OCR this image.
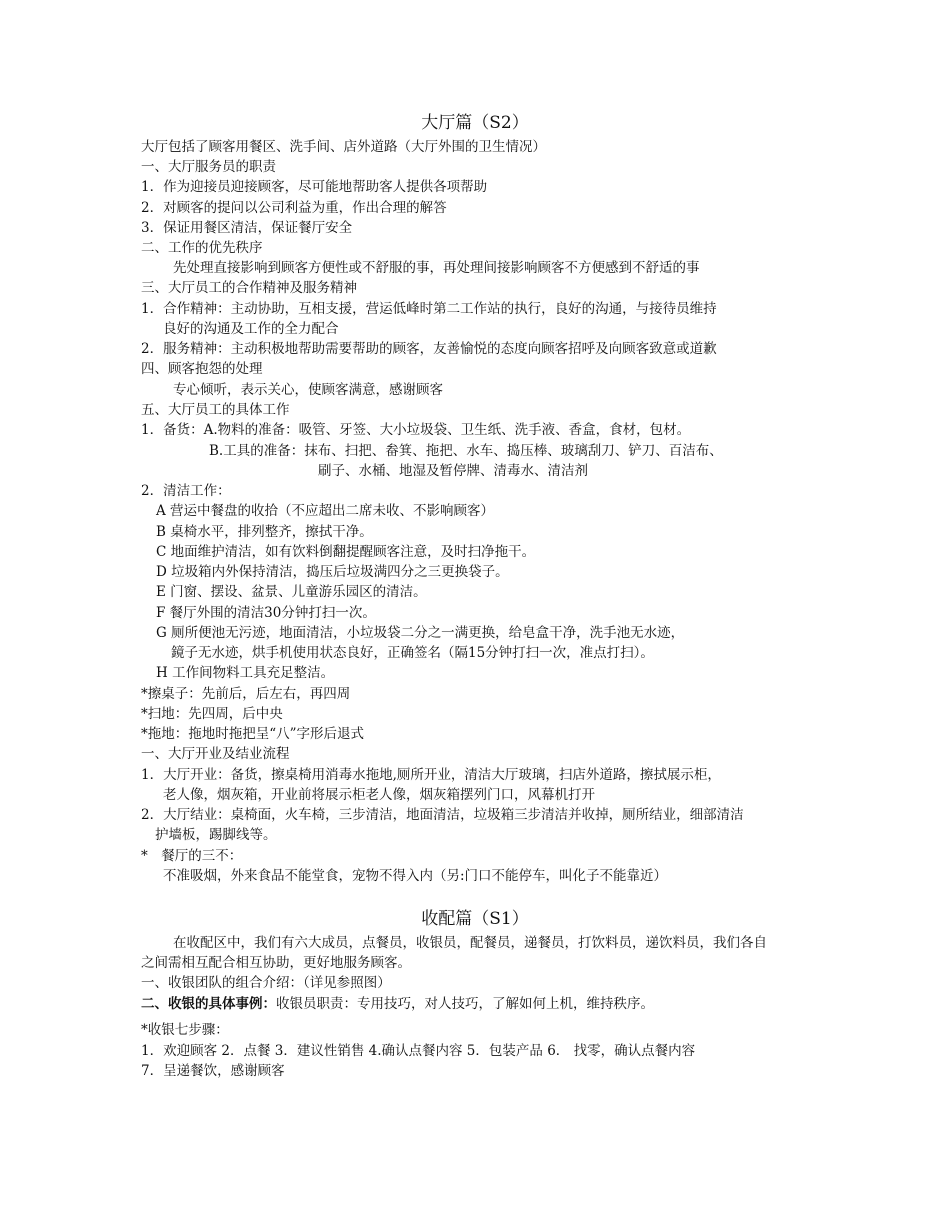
大厅篇（S2）
大厅包括了顾客用餐区、洗手间、店外道路（大厅外围的卫生情况）
一、大厅服务员的职责
1．作为迎接员迎接顾客，尽可能地帮助客人提供各项帮助
2．对顾客的提问以公司利益为重，作出合理的解答
3．保证用餐区清洁，保证餐厅安全
二、工作的优先秩序
先处理直接影响到顾客方便性或不舒服的事，再处理间接影响顾客不方便感到不舒适的事
三、大厅员工的合作精神及服务精神
1．合作精神：主动协助，互相支援，营运低峰时第二工作站的执行，良好的沟通，与接待员维持
良好的沟通及工作的全力配合
2．服务精神：主动积极地帮助需要帮助的顾客，友善愉悦的态度向顾客招呼及向顾客致意或道歉
四、顾客抱怨的处理
专心倾听，表示关心，使顾客满意，感谢顾客
五、大厅员工的具体工作
1．备货：A.物料的准备：吸管、牙签、大小垃圾袋、卫生纸、洗手液、香盒，食材，包材。
B.工具的准备：抹布、扫把、畚箕、拖把、水车、捣压棒、玻璃刮刀、铲刀、百洁布、
刷子、水桶、地湿及暂停牌、清毒水、清洁剂
2．清洁工作：
A 营运中餐盘的收拾（不应超出二席未收、不影响顾客）
B 桌椅水平，排列整齐，擦拭干净。
C 地面维护清洁，如有饮料倒翻提醒顾客注意，及时扫净拖干。
D 垃圾箱内外保持清洁，捣压后垃圾满四分之三更换袋子。
E 门窗、摆设、盆景、儿童游乐园区的清洁。
F 餐厅外围的清洁30分钟打扫一次。
G 厕所便池无污迹，地面清洁，小垃圾袋二分之一满更换，给皂盒干净，洗手池无水迹，
鏡子无水迹，烘手机使用状态良好，正确签名（隔15分钟打扫一次，准点打扫）。
H 工作间物料工具充足整洁。
*擦桌子：先前后，后左右，再四周
*扫地：先四周，后中央
*拖地：拖地时拖把呈“八”字形后退式
一、大厅开业及结业流程
1．大厅开业：备货，擦桌椅用消毒水拖地,厕所开业，清洁大厅玻璃，扫店外道路，擦拭展示柜，
老人像，烟灰箱，开业前将展示柜老人像，烟灰箱摆列门口，风幕机打开
2．大厅结业：桌椅面，火车椅，三步清洁，地面清洁，垃圾箱三步清洁并收掉，厕所结业，细部清洁
护墙板，踢脚线等。
*　餐厅的三不：
不准吸烟，外来食品不能堂食，宠物不得入内（另:门口不能停车，叫化子不能靠近）
收配篇（S1）
在收配区中，我们有六大成员，点餐员，收银员，配餐员，递餐员，打饮料员，递饮料员，我们各自
之间需相互配合相互协助，更好地服务顾客。
一、收银团队的组合介绍：（详见参照图）
二、收银的具体事例：收银员职责：专用技巧，对人技巧，了解如何上机，维持秩序。
*收银七步骤：
1．欢迎顾客 2．点餐 3．建议性销售 4.确认点餐内容 5．包装产品 6． 找零，确认点餐内容
7．呈递餐饮，感谢顾客
